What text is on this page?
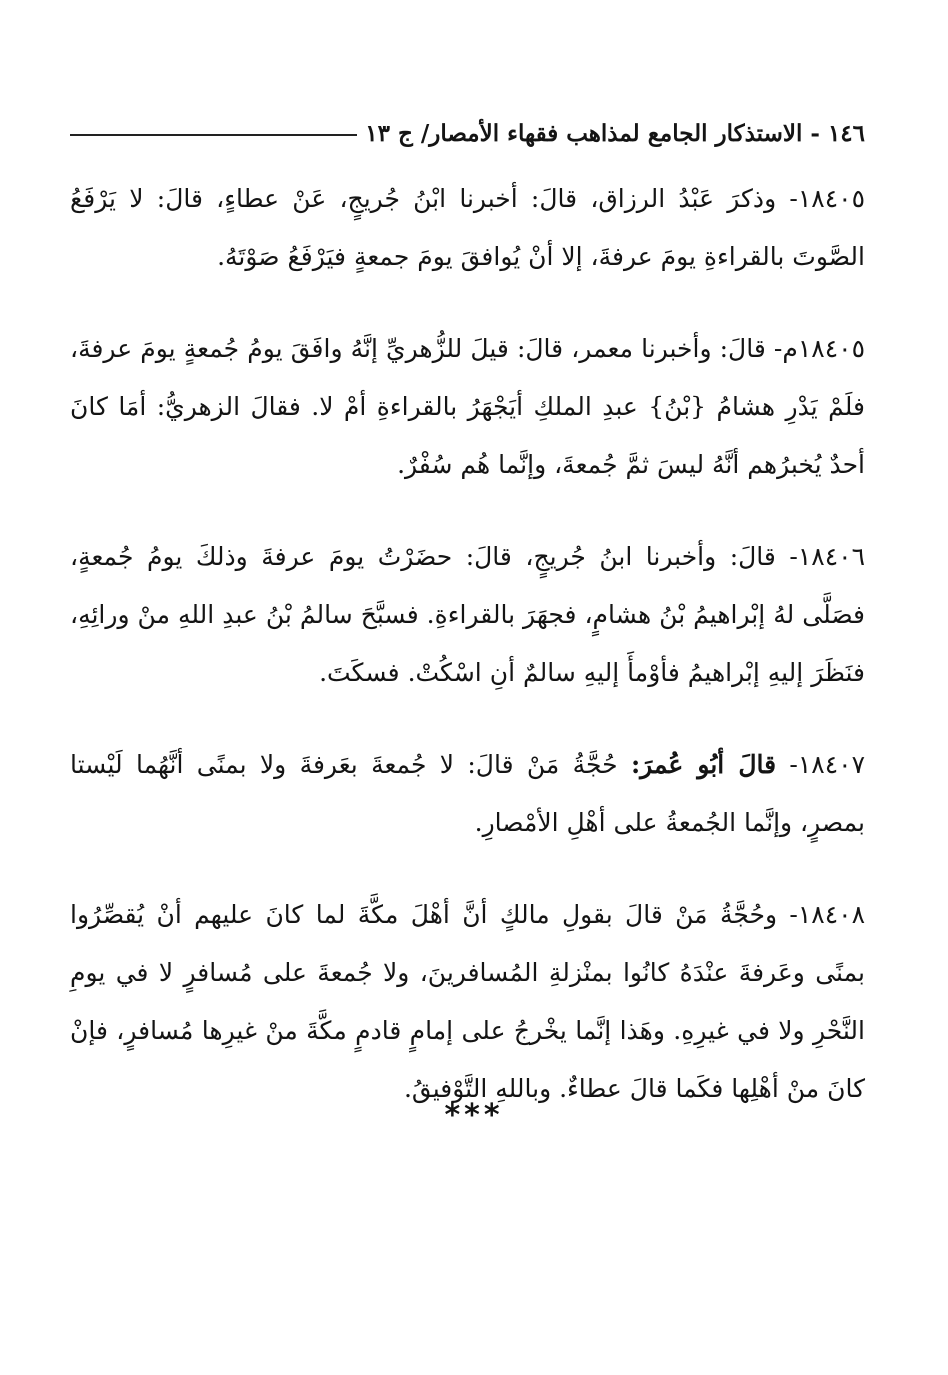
١٤٦ - الاستذكار الجامع لمذاهب فقهاء الأمصار/ ج ١٣

١٨٤٠٥- وذكرَ عَبْدُ الرزاق، قالَ: أخبرنا ابْنُ جُريجٍ، عَنْ عطاءٍ، قالَ: لا يَرْفَعُ الصَّوتَ بالقراءةِ يومَ عرفةَ، إلا أنْ يُوافقَ يومَ جمعةٍ فيَرْفَعُ صَوْتَهُ.

١٨٤٠٥م- قالَ: وأخبرنا معمر، قالَ: قيلَ للزُّهريِّ إنَّهُ وافَقَ يومُ جُمعةٍ يومَ عرفةَ، فلَمْ يَدْرِ هشامُ {بْنُ} عبدِ الملكِ أيَجْهَرُ بالقراءةِ أمْ لا. فقالَ الزهريُّ: أمَا كانَ أحدٌ يُخبرُهم أنَّهُ ليسَ ثمَّ جُمعةَ، وإنَّما هُم سُفْرٌ.

١٨٤٠٦- قالَ: وأخبرنا ابنُ جُريجٍ، قالَ: حضَرْتُ يومَ عرفةَ وذلكَ يومُ جُمعةٍ، فصَلَّى لهُ إبْراهيمُ بْنُ هشامٍ، فجهَرَ بالقراءةِ. فسبَّحَ سالمُ بْنُ عبدِ اللهِ منْ ورائِهِ، فنَظَرَ إليهِ إبْراهيمُ فأوْمأَ إليهِ سالمٌ أنِ اسْكُتْ. فسكَتَ.

١٨٤٠٧- قالَ أبُو عُمرَ: حُجَّةُ مَنْ قالَ: لا جُمعةَ بعَرفةَ ولا بمنًى أنَّهُما لَيْستا بمصرٍ، وإنَّما الجُمعةُ على أهْلِ الأمْصارِ.

١٨٤٠٨- وحُجَّةُ مَنْ قالَ بقولِ مالكٍ أنَّ أهْلَ مكَّةَ لما كانَ عليهم أنْ يُقصِّرُوا بمنًى وعَرفةَ عنْدَهُ كانُوا بمنْزلةِ المُسافرينَ، ولا جُمعةَ على مُسافرٍ لا في يومِ النَّحْرِ ولا في غيرِهِ. وهَذا إنَّما يخْرجُ على إمامٍ قادمٍ مكَّةَ منْ غيرِها مُسافرٍ، فإنْ كانَ منْ أهْلِها فكَما قالَ عطاءٌ. وباللهِ التَّوْفيقُ.

***
